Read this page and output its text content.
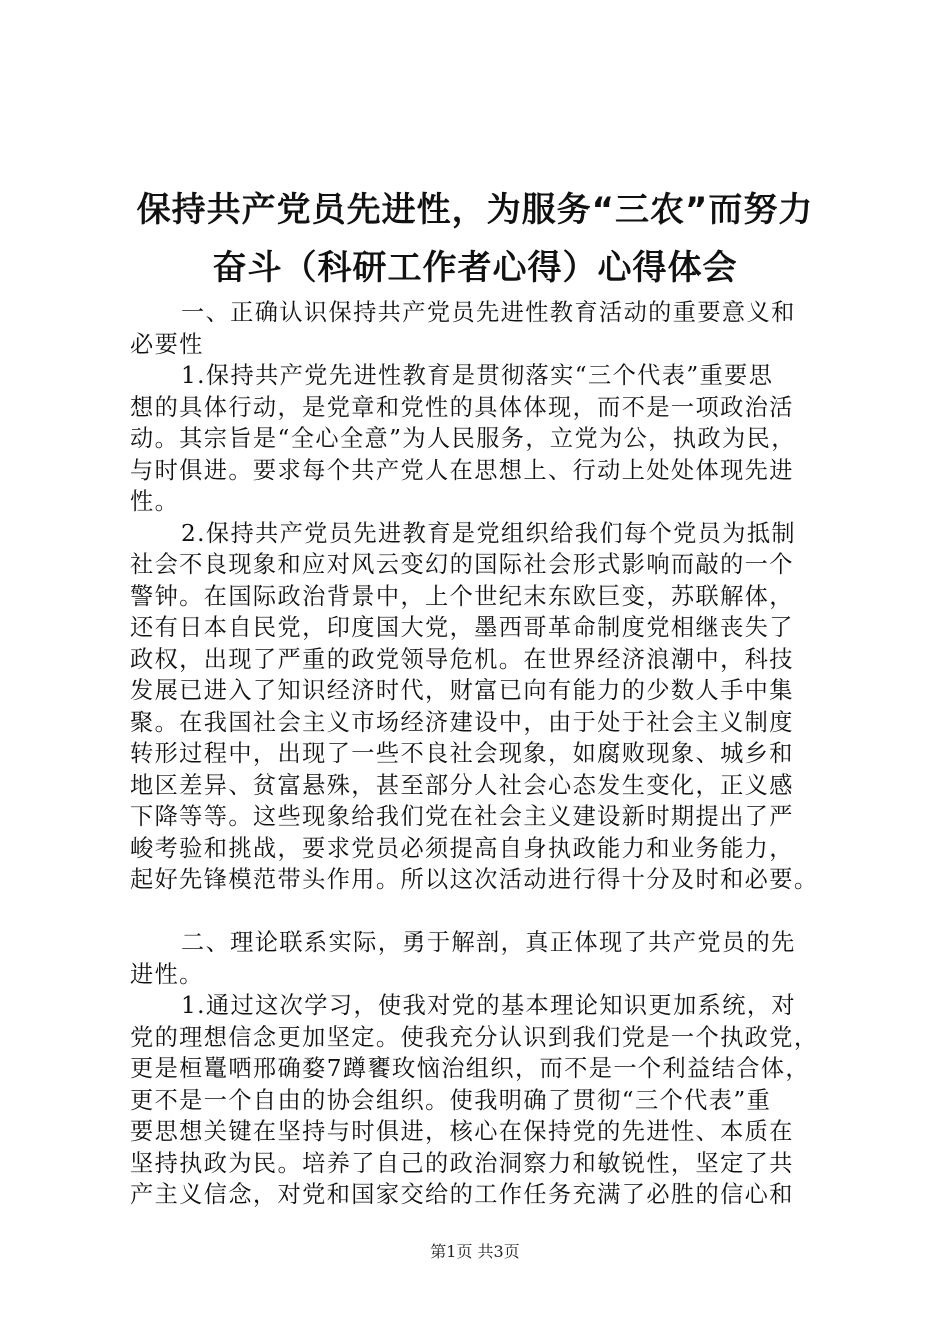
保持共产党员先进性，为服务“三农”而努力
奋斗（科研工作者心得）心得体会
一、正确认识保持共产党员先进性教育活动的重要意义和
必要性
1.保持共产党先进性教育是贯彻落实“三个代表”重要思
想的具体行动，是党章和党性的具体体现，而不是一项政治活
动。其宗旨是“全心全意”为人民服务，立党为公，执政为民，
与时俱进。要求每个共产党人在思想上、行动上处处体现先进
性。
2.保持共产党员先进教育是党组织给我们每个党员为抵制
社会不良现象和应对风云变幻的国际社会形式影响而敲的一个
警钟。在国际政治背景中，上个世纪末东欧巨变，苏联解体，
还有日本自民党，印度国大党，墨西哥革命制度党相继丧失了
政权，出现了严重的政党领导危机。在世界经济浪潮中，科技
发展已进入了知识经济时代，财富已向有能力的少数人手中集
聚。在我国社会主义市场经济建设中，由于处于社会主义制度
转形过程中，出现了一些不良社会现象，如腐败现象、城乡和
地区差异、贫富悬殊，甚至部分人社会心态发生变化，正义感
下降等等。这些现象给我们党在社会主义建设新时期提出了严
峻考验和挑战，要求党员必须提高自身执政能力和业务能力，
起好先锋模范带头作用。所以这次活动进行得十分及时和必要。
二、理论联系实际，勇于解剖，真正体现了共产党员的先
进性。
1.通过这次学习，使我对党的基本理论知识更加系统，对
党的理想信念更加坚定。使我充分认识到我们党是一个执政党，
更是桓鼍哂邢确婺7蹲饔玫恼治组织，而不是一个利益结合体，
更不是一个自由的协会组织。使我明确了贯彻“三个代表”重
要思想关键在坚持与时俱进，核心在保持党的先进性、本质在
坚持执政为民。培养了自己的政治洞察力和敏锐性，坚定了共
产主义信念，对党和国家交给的工作任务充满了必胜的信心和
第1页 共3页
